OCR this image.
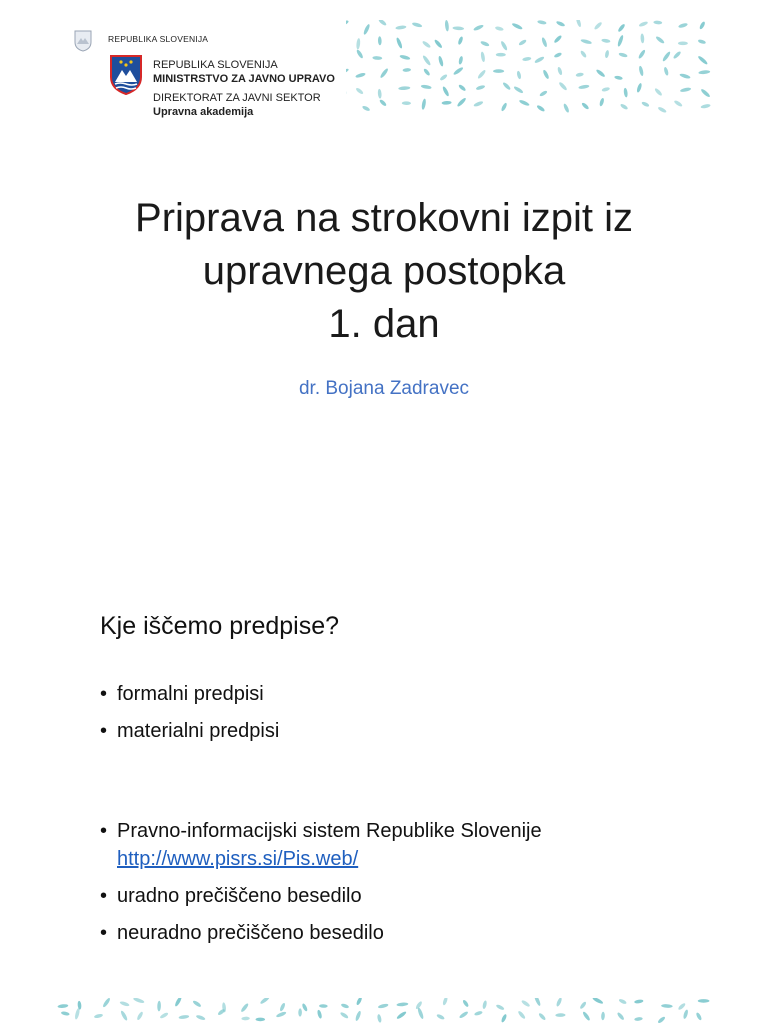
REPUBLIKA SLOVENIJA
REPUBLIKA SLOVENIJA
MINISTRSTVO ZA JAVNO UPRAVO
DIREKTORAT ZA JAVNI SEKTOR
Upravna akademija
Priprava na strokovni izpit iz
upravnega postopka
1. dan
dr. Bojana Zadravec
Kje iščemo predpise?
• formalni predpisi
• materialni predpisi
• Pravno-informacijski sistem Republike Slovenije
http://www.pisrs.si/Pis.web/
• uradno prečiščeno besedilo
• neuradno prečiščeno besedilo
